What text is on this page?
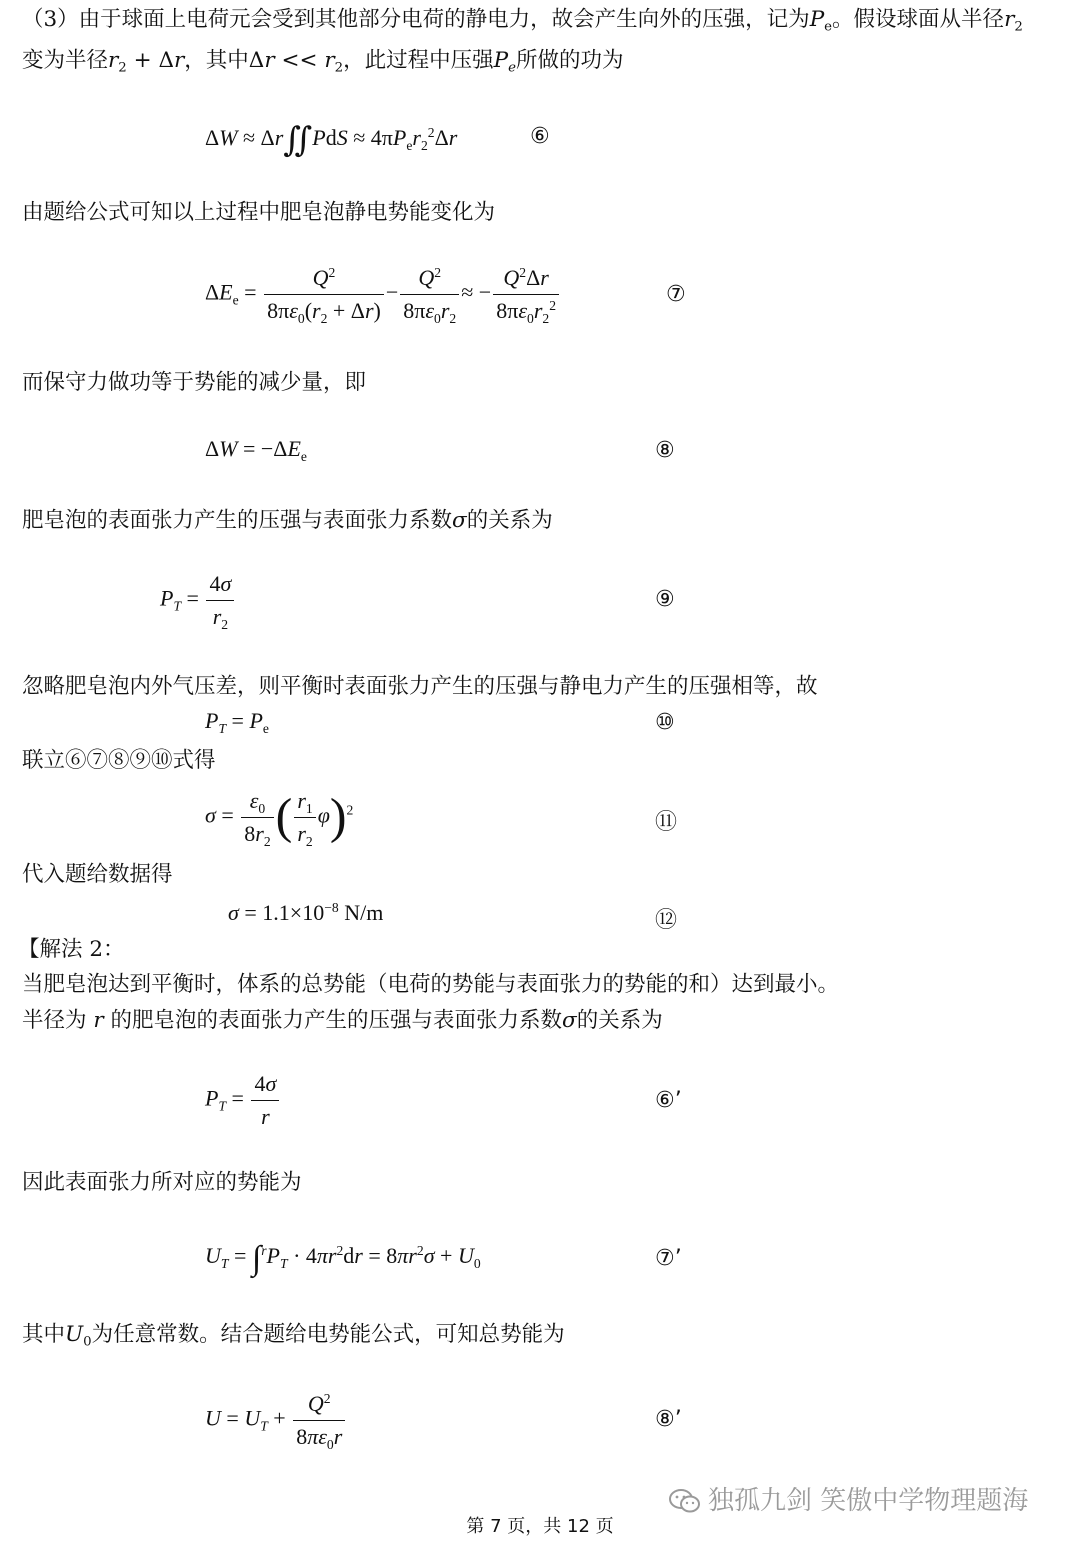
（3）由于球面上电荷元会受到其他部分电荷的静电力，故会产生向外的压强，记为$P_e$。假设球面从半径$r_2$
变为半径$r_2 + \Delta r$，其中$\Delta r << r_2$，此过程中压强$P_e$所做的功为
ΔW ≈ Δr∬PdS ≈ $4\pi P_er_2^2\Delta r$	⑥
由题给公式可知以上过程中肥皂泡静电势能变化为
$\Delta E_e = \frac{Q^2}{8\pi\varepsilon_0(r_2 + \Delta r)} - \frac{Q^2}{8\pi\varepsilon_0r_2}$ ≈ − $\frac{Q^2\Delta r}{8\pi\varepsilon_0r_2^2}$	⑦
而保守力做功等于势能的减少量，即
$\Delta W = -\Delta E_e$	⑧
肥皂泡的表面张力产生的压强与表面张力系数σ的关系为
$P_T = \frac{4\sigma}{r_2}$	⑨
忽略肥皂泡内外气压差，则平衡时表面张力产生的压强与静电力产生的压强相等，故
$P_T = P_e$	⑩
联立⑥⑦⑧⑨⑩式得
$\sigma = \frac{\varepsilon_0}{8r_2}$ ( $\frac{r_1}{r_2} \varphi)^2$
⑪
代入题给数据得
$\sigma = 1.1\times 10^{-8}$ N/m	⑫
【解法 2：
当肥皂泡达到平衡时，体系的总势能（电荷的势能与表面张力的势能的和）达到最小。
半径为 r 的肥皂泡的表面张力产生的压强与表面张力系数σ的关系为
$P_T = \frac{4\sigma}{r}$	⑥’
因此表面张力所对应的势能为
$U_T = \int^rP_T \cdot 4\pi r^2dr = 8\pi r^2\sigma + U_0$	⑦’
其中$U_0$为任意常数。结合题给电势能公式，可知总势能为
$U = U_T + \frac{Q^2}{8\pi\varepsilon_0r}$	⑧’
独孤九剑 笑傲中学物理题海
第 7 页，共 12 页
